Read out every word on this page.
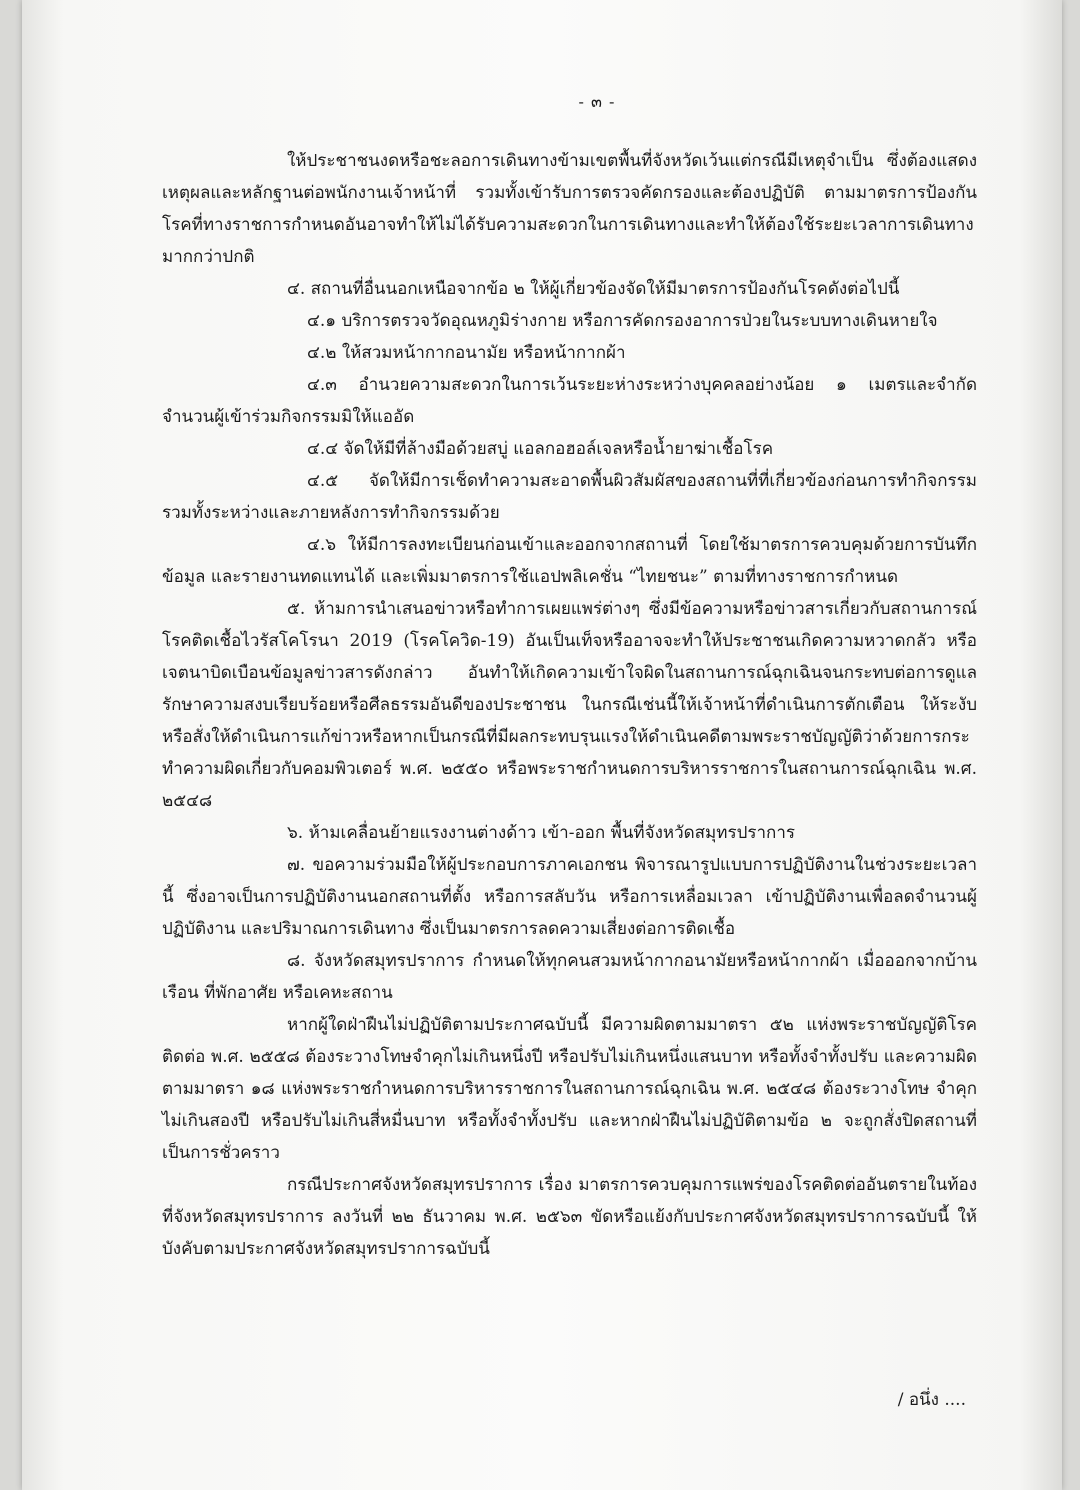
- ๓ -

ให้ประชาชนงดหรือชะลอการเดินทางข้ามเขตพื้นที่จังหวัดเว้นแต่กรณีมีเหตุจำเป็น ซึ่งต้องแสดงเหตุผลและหลักฐานต่อพนักงานเจ้าหน้าที่ รวมทั้งเข้ารับการตรวจคัดกรองและต้องปฏิบัติ ตามมาตรการป้องกันโรคที่ทางราชการกำหนดอันอาจทำให้ไม่ได้รับความสะดวกในการเดินทางและทำให้ต้องใช้ระยะเวลาการเดินทางมากกว่าปกติ

๔. สถานที่อื่นนอกเหนือจากข้อ ๒ ให้ผู้เกี่ยวข้องจัดให้มีมาตรการป้องกันโรคดังต่อไปนี้

๔.๑ บริการตรวจวัดอุณหภูมิร่างกาย หรือการคัดกรองอาการป่วยในระบบทางเดินหายใจ

๔.๒ ให้สวมหน้ากากอนามัย หรือหน้ากากผ้า

๔.๓ อำนวยความสะดวกในการเว้นระยะห่างระหว่างบุคคลอย่างน้อย ๑ เมตรและจำกัดจำนวนผู้เข้าร่วมกิจกรรมมิให้แออัด

๔.๔ จัดให้มีที่ล้างมือด้วยสบู่ แอลกอฮอล์เจลหรือน้ำยาฆ่าเชื้อโรค

๔.๕ จัดให้มีการเช็ดทำความสะอาดพื้นผิวสัมผัสของสถานที่ที่เกี่ยวข้องก่อนการทำกิจกรรมรวมทั้งระหว่างและภายหลังการทำกิจกรรมด้วย

๔.๖ ให้มีการลงทะเบียนก่อนเข้าและออกจากสถานที่ โดยใช้มาตรการควบคุมด้วยการบันทึกข้อมูล และรายงานทดแทนได้ และเพิ่มมาตรการใช้แอปพลิเคชั่น “ไทยชนะ” ตามที่ทางราชการกำหนด

๕. ห้ามการนำเสนอข่าวหรือทำการเผยแพร่ต่างๆ ซึ่งมีข้อความหรือข่าวสารเกี่ยวกับสถานการณ์โรคติดเชื้อไวรัสโคโรนา 2019 (โรคโควิด-19) อันเป็นเท็จหรืออาจจะทำให้ประชาชนเกิดความหวาดกลัว หรือเจตนาบิดเบือนข้อมูลข่าวสารดังกล่าว อันทำให้เกิดความเข้าใจผิดในสถานการณ์ฉุกเฉินจนกระทบต่อการดูแลรักษาความสงบเรียบร้อยหรือศีลธรรมอันดีของประชาชน ในกรณีเช่นนี้ให้เจ้าหน้าที่ดำเนินการตักเตือน ให้ระงับหรือสั่งให้ดำเนินการแก้ข่าวหรือหากเป็นกรณีที่มีผลกระทบรุนแรงให้ดำเนินคดีตามพระราชบัญญัติว่าด้วยการกระทำความผิดเกี่ยวกับคอมพิวเตอร์ พ.ศ. ๒๕๕๐ หรือพระราชกำหนดการบริหารราชการในสถานการณ์ฉุกเฉิน พ.ศ. ๒๕๔๘

๖. ห้ามเคลื่อนย้ายแรงงานต่างด้าว เข้า-ออก พื้นที่จังหวัดสมุทรปราการ

๗. ขอความร่วมมือให้ผู้ประกอบการภาคเอกชน พิจารณารูปแบบการปฏิบัติงานในช่วงระยะเวลานี้ ซึ่งอาจเป็นการปฏิบัติงานนอกสถานที่ตั้ง หรือการสลับวัน หรือการเหลื่อมเวลา เข้าปฏิบัติงานเพื่อลดจำนวนผู้ปฏิบัติงาน และปริมาณการเดินทาง ซึ่งเป็นมาตรการลดความเสี่ยงต่อการติดเชื้อ

๘. จังหวัดสมุทรปราการ กำหนดให้ทุกคนสวมหน้ากากอนามัยหรือหน้ากากผ้า เมื่อออกจากบ้านเรือน ที่พักอาศัย หรือเคหะสถาน

หากผู้ใดฝ่าฝืนไม่ปฏิบัติตามประกาศฉบับนี้ มีความผิดตามมาตรา ๕๒ แห่งพระราชบัญญัติโรคติดต่อ พ.ศ. ๒๕๕๘ ต้องระวางโทษจำคุกไม่เกินหนึ่งปี หรือปรับไม่เกินหนึ่งแสนบาท หรือทั้งจำทั้งปรับ และความผิดตามมาตรา ๑๘ แห่งพระราชกำหนดการบริหารราชการในสถานการณ์ฉุกเฉิน พ.ศ. ๒๕๔๘ ต้องระวางโทษ จำคุกไม่เกินสองปี หรือปรับไม่เกินสี่หมื่นบาท หรือทั้งจำทั้งปรับ และหากฝ่าฝืนไม่ปฏิบัติตามข้อ ๒ จะถูกสั่งปิดสถานที่เป็นการชั่วคราว

กรณีประกาศจังหวัดสมุทรปราการ เรื่อง มาตรการควบคุมการแพร่ของโรคติดต่ออันตรายในท้องที่จังหวัดสมุทรปราการ ลงวันที่ ๒๒ ธันวาคม พ.ศ. ๒๕๖๓ ขัดหรือแย้งกับประกาศจังหวัดสมุทรปราการฉบับนี้ ให้บังคับตามประกาศจังหวัดสมุทรปราการฉบับนี้

/ อนึ่ง ....
